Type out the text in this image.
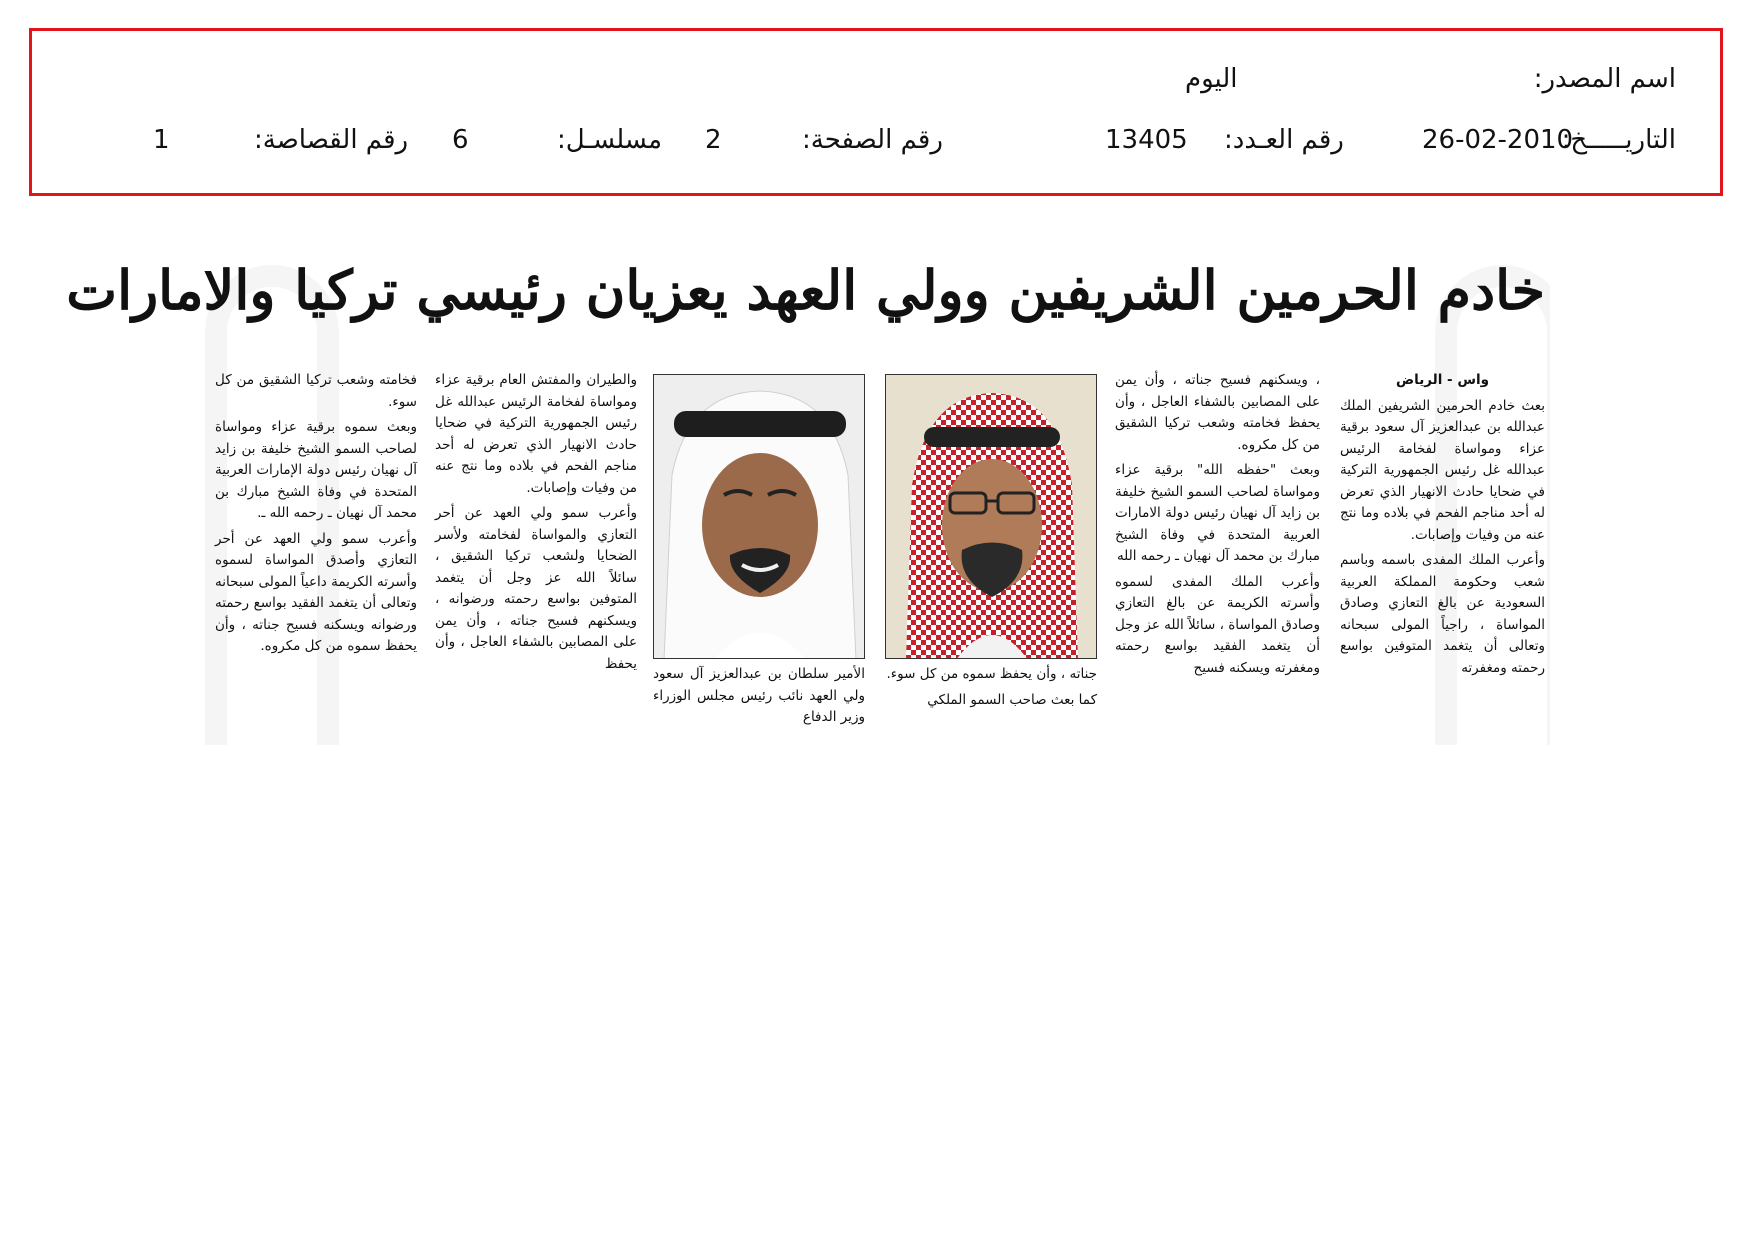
اسم المصدر:
اليوم
التاريـــــخ:
26-02-2010
رقم العـدد:
13405
رقم الصفحة:
2
مسلسـل:
6
رقم القصاصة:
1
خادم الحرمين الشريفين وولي العهد يعزيان رئيسي تركيا والامارات

واس - الرياض

بعث خادم الحرمين الشريفين الملك عبدالله بن عبدالعزيز آل سعود برقية عزاء ومواساة لفخامة الرئيس عبدالله غل رئيس الجمهورية التركية في ضحايا حادث الانهيار الذي تعرض له أحد مناجم الفحم في بلاده وما نتج عنه من وفيات وإصابات.

وأعرب الملك المفدى باسمه وباسم شعب وحكومة المملكة العربية السعودية عن بالغ التعازي وصادق المواساة ، راجياً المولى سبحانه وتعالى أن يتغمد المتوفين بواسع رحمته ومغفرته

، ويسكنهم فسيح جناته ، وأن يمن على المصابين بالشفاء العاجل ، وأن يحفظ فخامته وشعب تركيا الشقيق من كل مكروه.

وبعث "حفظه الله" برقية عزاء ومواساة لصاحب السمو الشيخ خليفة بن زايد آل نهيان رئيس دولة الامارات العربية المتحدة في وفاة الشيخ مبارك بن محمد آل نهيان ـ رحمه الله

وأعرب الملك المفدى لسموه وأسرته الكريمة عن بالغ التعازي وصادق المواساة ، سائلاً الله عز وجل أن يتغمد الفقيد بواسع رحمته ومغفرته ويسكنه فسيح

جناته ، وأن يحفظ سموه من كل سوء.

كما بعث صاحب السمو الملكي

الأمير سلطان بن عبدالعزيز آل سعود ولي العهد نائب رئيس مجلس الوزراء وزير الدفاع

والطيران والمفتش العام برقية عزاء ومواساة لفخامة الرئيس عبدالله غل رئيس الجمهورية التركية في ضحايا حادث الانهيار الذي تعرض له أحد مناجم الفحم في بلاده وما نتج عنه من وفيات وإصابات.

وأعرب سمو ولي العهد عن أحر التعازي والمواساة لفخامته ولأسر الضحايا ولشعب تركيا الشقيق ، سائلاً الله عز وجل أن يتغمد المتوفين بواسع رحمته ورضوانه ، ويسكنهم فسيح جناته ، وأن يمن على المصابين بالشفاء العاجل ، وأن يحفظ

فخامته وشعب تركيا الشقيق من كل سوء.

وبعث سموه برقية عزاء ومواساة لصاحب السمو الشيخ خليفة بن زايد آل نهيان رئيس دولة الإمارات العربية المتحدة في وفاة الشيخ مبارك بن محمد آل نهيان ـ رحمه الله ـ.

وأعرب سمو ولي العهد عن أحر التعازي وأصدق المواساة لسموه وأسرته الكريمة داعياً المولى سبحانه وتعالى أن يتغمد الفقيد بواسع رحمته ورضوانه ويسكنه فسيح جناته ، وأن يحفظ سموه من كل مكروه.
